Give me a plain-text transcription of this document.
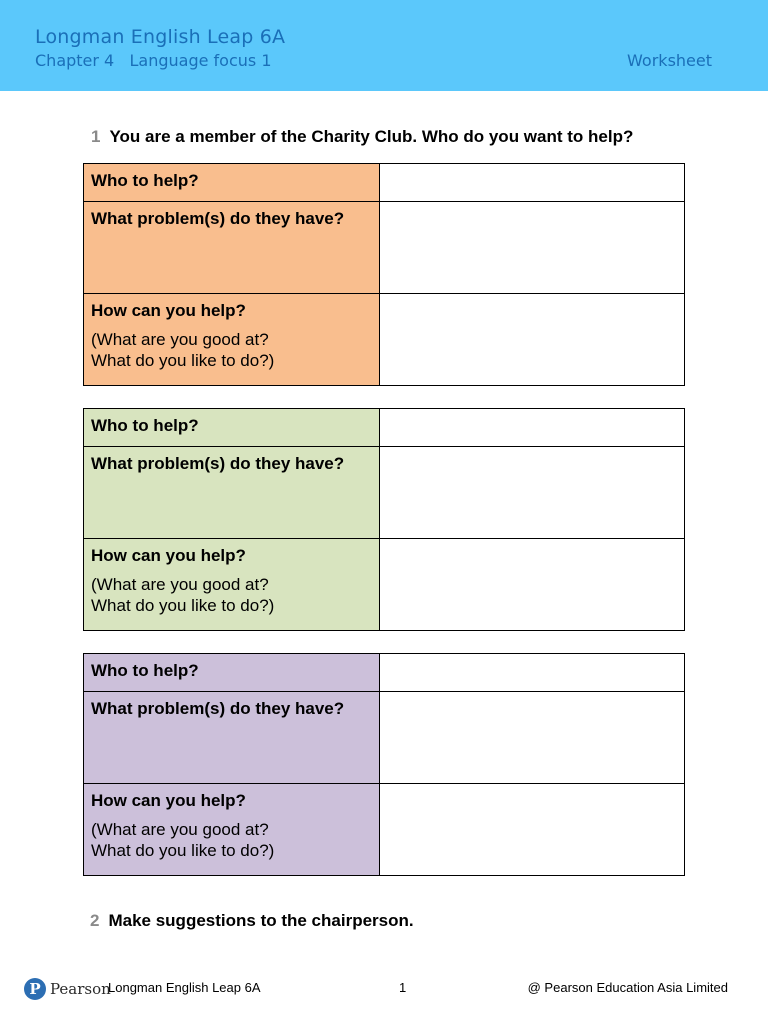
Longman English Leap 6A
Chapter 4   Language focus 1	Worksheet
1 You are a member of the Charity Club. Who do you want to help?
Who to help?	

What problem(s) do they have?	

How can you help?
(What are you good at?
What do you like to do?)	

Who to help?	

What problem(s) do they have?	

How can you help?
(What are you good at?
What do you like to do?)	

Who to help?	

What problem(s) do they have?	

How can you help?
(What are you good at?
What do you like to do?)	

2 Make suggestions to the chairperson.
P Pearson
Longman English Leap 6A	1	@ Pearson Education Asia Limited
